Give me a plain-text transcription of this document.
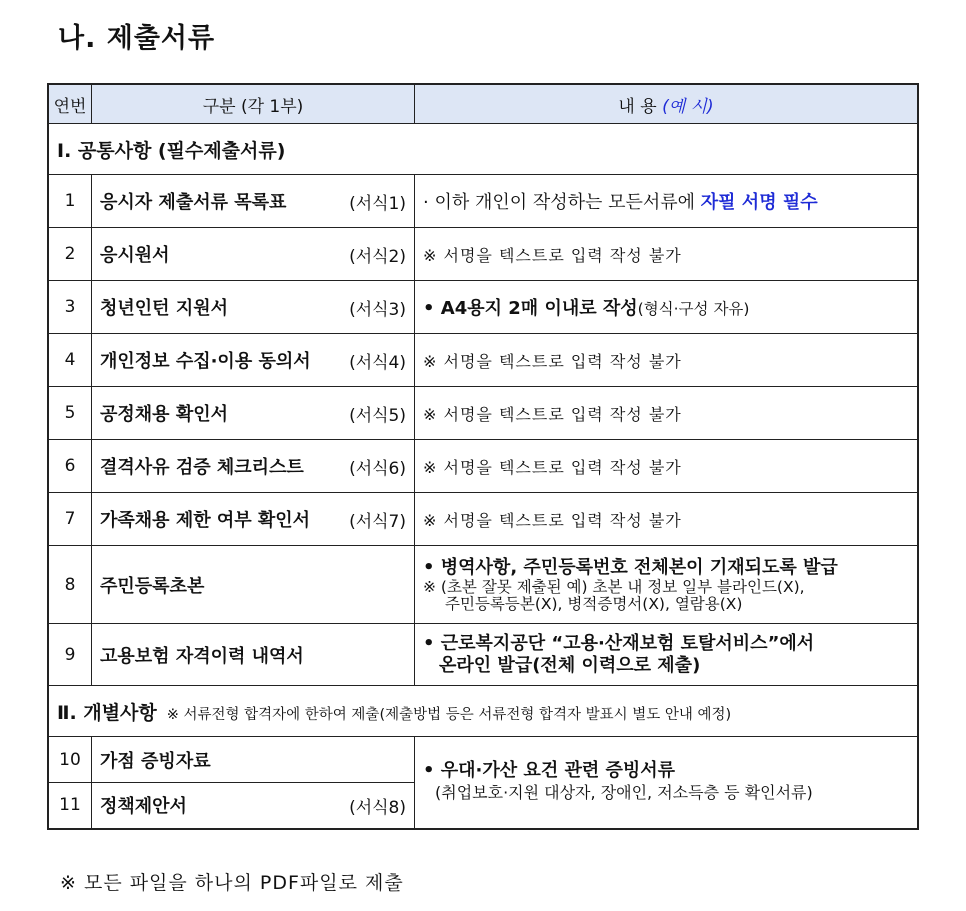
나. 제출서류
연번	구분 (각 1부)	내 용 (예 시)
Ⅰ. 공통사항 (필수제출서류)		
1	응시자 제출서류 목록표 (서식1)	· 이하 개인이 작성하는 모든서류에 자필 서명 필수
2	응시원서 (서식2)	※ 서명을 텍스트로 입력 작성 불가
3	청년인턴 지원서 (서식3)	• A4용지 2매 이내로 작성(형식·구성 자유)
4	개인정보 수집·이용 동의서 (서식4)	※ 서명을 텍스트로 입력 작성 불가
5	공정채용 확인서 (서식5)	※ 서명을 텍스트로 입력 작성 불가
6	결격사유 검증 체크리스트 (서식6)	※ 서명을 텍스트로 입력 작성 불가
7	가족채용 제한 여부 확인서 (서식7)	※ 서명을 텍스트로 입력 작성 불가
8	주민등록초본	• 병역사항, 주민등록번호 전체본이 기재되도록 발급
※ (초본 잘못 제출된 예) 초본 내 정보 일부 블라인드(X),
주민등록등본(X), 병적증명서(X), 열람용(X)

9	고용보험 자격이력 내역서	• 근로복지공단 “고용·산재보험 토탈서비스”에서
온라인 발급(전체 이력으로 제출)

Ⅱ. 개별사항 ※ 서류전형 합격자에 한하여 제출(제출방법 등은 서류전형 합격자 발표시 별도 안내 예정)		
10	가점 증빙자료	• 우대·가산 요건 관련 증빙서류
(취업보호·지원 대상자, 장애인, 저소득층 등 확인서류)

11	정책제안서 (서식8)	
※ 모든 파일을 하나의 PDF파일로 제출
